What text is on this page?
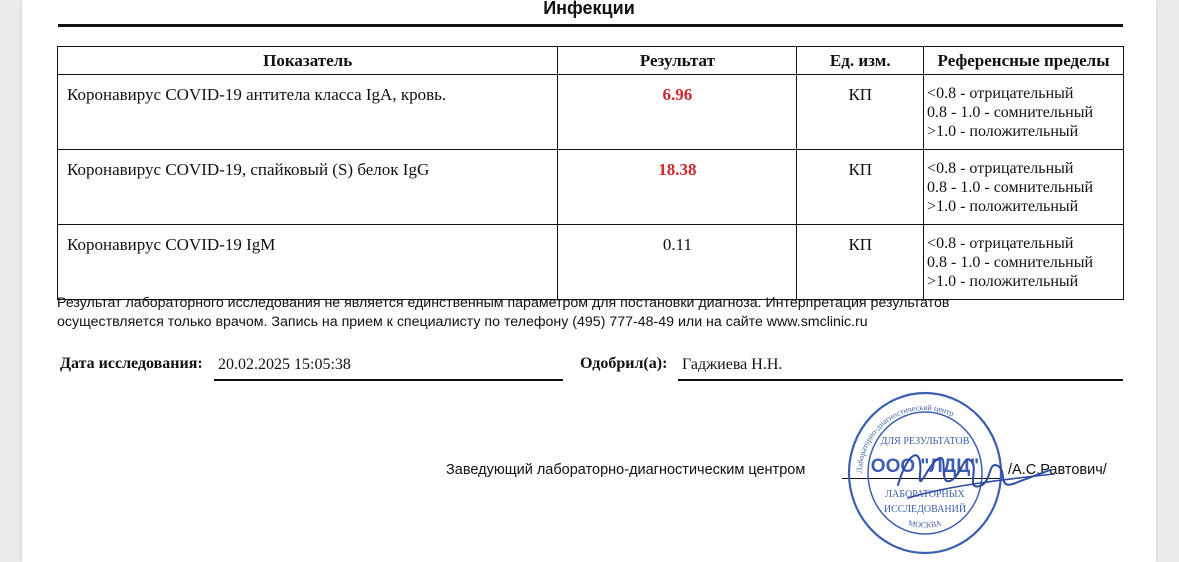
Инфекции
Показатель	Результат	Ед. изм.	Референсные пределы
Коронавирус COVID-19 антитела класса IgA, кровь.	6.96	КП	<0.8 - отрицательный
0.8 - 1.0 - сомнительный
>1.0 - положительный

Коронавирус COVID-19, спайковый (S) белок IgG	18.38	КП	<0.8 - отрицательный
0.8 - 1.0 - сомнительный
>1.0 - положительный

Коронавирус COVID-19 IgM	0.11	КП	<0.8 - отрицательный
0.8 - 1.0 - сомнительный
>1.0 - положительный
Результат лабораторного исследования не является единственным параметром для постановки диагноза. Интерпретация результатов
осуществляется только врачом. Запись на прием к специалисту по телефону (495) 777-48-49 или на сайте www.smclinic.ru
Дата исследования: 20.02.2025 15:05:38	Одобрил(а): Гаджиева Н.Н.
Заведующий лабораторно-диагностическим центром	/А.С.Равтович/
Лабораторно-диагностический центр
МОСКВА
ДЛЯ РЕЗУЛЬТАТОВ
ООО "ЛДЦ"
ЛАБОРАТОРНЫХ
ИССЛЕДОВАНИЙ
